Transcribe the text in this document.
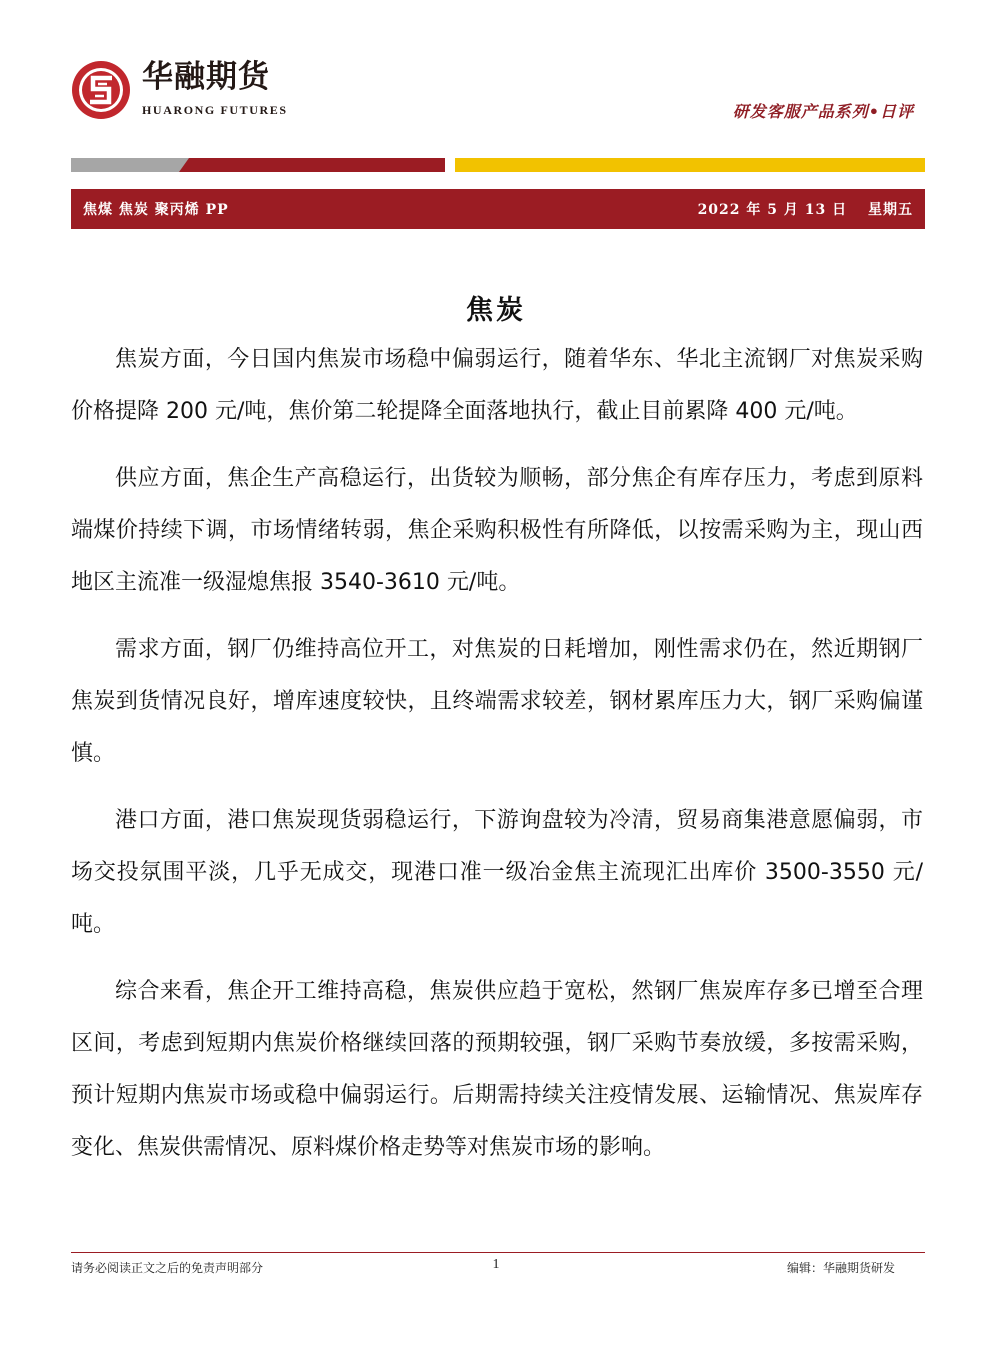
华融期货
HUARONG FUTURES	研发客服产品系列•日评
焦煤 焦炭 聚丙烯 PP	2022 年 5 月 13 日　 星期五
焦炭

焦炭方面，今日国内焦炭市场稳中偏弱运行，随着华东、华北主流钢厂对焦炭采购价格提降 200 元/吨，焦价第二轮提降全面落地执行，截止目前累降 400 元/吨。

供应方面，焦企生产高稳运行，出货较为顺畅，部分焦企有库存压力，考虑到原料端煤价持续下调，市场情绪转弱，焦企采购积极性有所降低，以按需采购为主，现山西地区主流准一级湿熄焦报 3540-3610 元/吨。

需求方面，钢厂仍维持高位开工，对焦炭的日耗增加，刚性需求仍在，然近期钢厂焦炭到货情况良好，增库速度较快，且终端需求较差，钢材累库压力大，钢厂采购偏谨慎。

港口方面，港口焦炭现货弱稳运行，下游询盘较为冷清，贸易商集港意愿偏弱，市场交投氛围平淡，几乎无成交，现港口准一级冶金焦主流现汇出库价 3500-3550 元/吨。

综合来看，焦企开工维持高稳，焦炭供应趋于宽松，然钢厂焦炭库存多已增至合理区间，考虑到短期内焦炭价格继续回落的预期较强，钢厂采购节奏放缓，多按需采购，预计短期内焦炭市场或稳中偏弱运行。后期需持续关注疫情发展、运输情况、焦炭库存变化、焦炭供需情况、原料煤价格走势等对焦炭市场的影响。

请务必阅读正文之后的免责声明部分	1	编辑：华融期货研发
